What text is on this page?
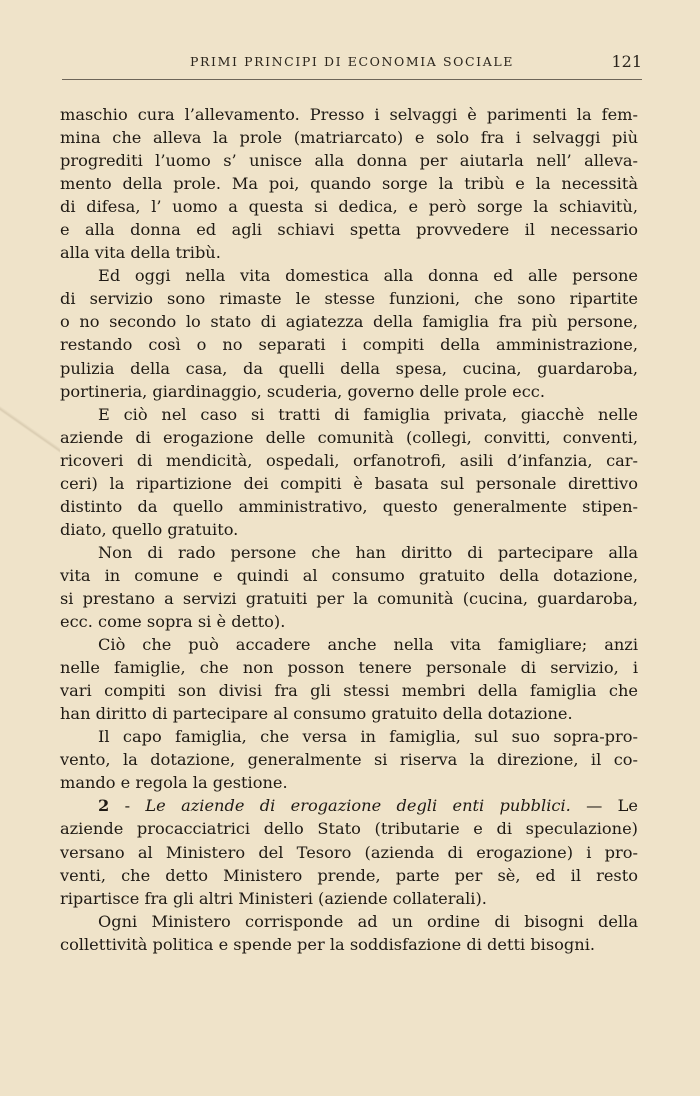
PRIMI PRINCIPI DI ECONOMIA SOCIALE	121
maschio cura l’allevamento. Presso i selvaggi è parimenti la fem-
mina che alleva la prole (matriarcato) e solo fra i selvaggi più
progrediti l’uomo s’ unisce alla donna per aiutarla nell’ alleva-
mento della prole. Ma poi, quando sorge la tribù e la necessità
di difesa, l’ uomo a questa si dedica, e però sorge la schiavitù,
e alla donna ed agli schiavi spetta provvedere il necessario
alla vita della tribù.
Ed oggi nella vita domestica alla donna ed alle persone
di servizio sono rimaste le stesse funzioni, che sono ripartite
o no secondo lo stato di agiatezza della famiglia fra più persone,
restando così o no separati i compiti della amministrazione,
pulizia della casa, da quelli della spesa, cucina, guardaroba,
portineria, giardinaggio, scuderia, governo delle prole ecc.
E ciò nel caso si tratti di famiglia privata, giacchè nelle
aziende di erogazione delle comunità (collegi, convitti, conventi,
ricoveri di mendicità, ospedali, orfanotrofi, asili d’infanzia, car-
ceri) la ripartizione dei compiti è basata sul personale direttivo
distinto da quello amministrativo, questo generalmente stipen-
diato, quello gratuito.
Non di rado persone che han diritto di partecipare alla
vita in comune e quindi al consumo gratuito della dotazione,
si prestano a servizi gratuiti per la comunità (cucina, guardaroba,
ecc. come sopra si è detto).
Ciò che può accadere anche nella vita famigliare; anzi
nelle famiglie, che non posson tenere personale di servizio, i
vari compiti son divisi fra gli stessi membri della famiglia che
han diritto di partecipare al consumo gratuito della dotazione.
Il capo famiglia, che versa in famiglia, sul suo sopra-pro-
vento, la dotazione, generalmente si riserva la direzione, il co-
mando e regola la gestione.
2 - Le aziende di erogazione degli enti pubblici. — Le
aziende procacciatrici dello Stato (tributarie e di speculazione)
versano al Ministero del Tesoro (azienda di erogazione) i pro-
venti, che detto Ministero prende, parte per sè, ed il resto
ripartisce fra gli altri Ministeri (aziende collaterali).
Ogni Ministero corrisponde ad un ordine di bisogni della
collettività politica e spende per la soddisfazione di detti bisogni.
